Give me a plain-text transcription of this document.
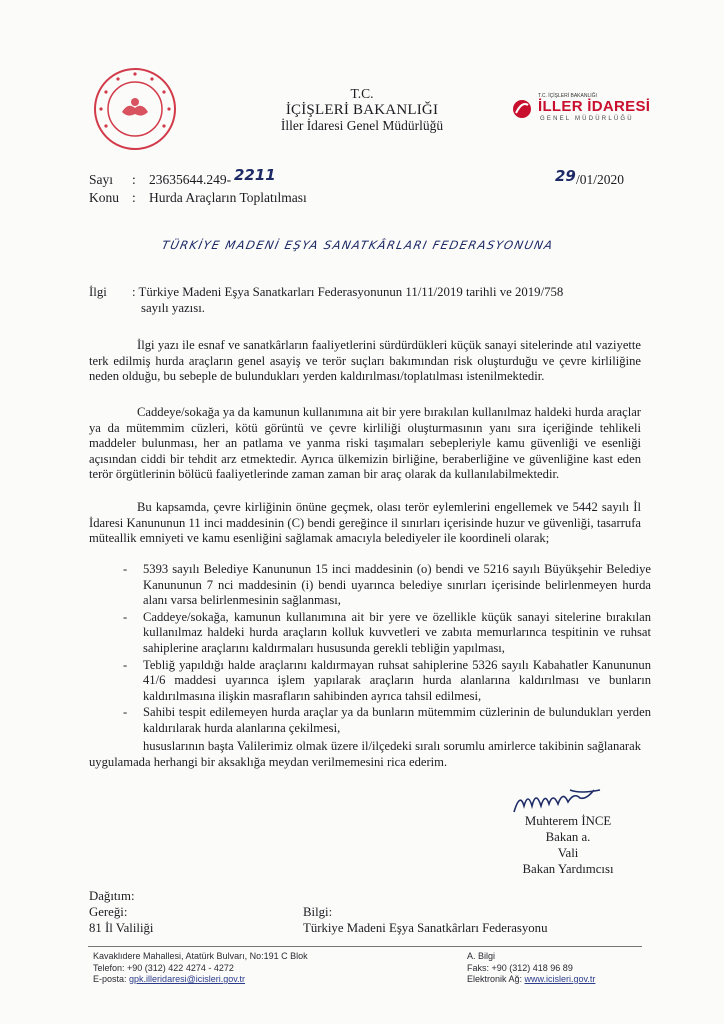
T.C.
İÇİŞLERİ BAKANLIĞI
İller İdaresi Genel Müdürlüğü
T.C. İÇİŞLERİ BAKANLIĞI
İLLER İDARESİ
GENEL MÜDÜRLÜĞÜ
Sayı : 23635644.249- 2211	29 /01/2020
Konu : Hurda Araçların Toplatılması
TÜRKİYE MADENİ EŞYA SANATKÂRLARI FEDERASYONUNA
İlgi : Türkiye Madeni Eşya Sanatkarları Federasyonunun 11/11/2019 tarihli ve 2019/758
sayılı yazısı.
İlgi yazı ile esnaf ve sanatkârların faaliyetlerini sürdürdükleri küçük sanayi sitelerinde atıl vaziyette terk edilmiş hurda araçların genel asayiş ve terör suçları bakımından risk oluşturduğu ve çevre kirliliğine neden olduğu, bu sebeple de bulundukları yerden kaldırılması/toplatılması istenilmektedir.
Caddeye/sokağa ya da kamunun kullanımına ait bir yere bırakılan kullanılmaz haldeki hurda araçlar ya da mütemmim cüzleri, kötü görüntü ve çevre kirliliği oluşturmasının yanı sıra içeriğinde tehlikeli maddeler bulunması, her an patlama ve yanma riski taşımaları sebepleriyle kamu güvenliği ve esenliği açısından ciddi bir tehdit arz etmektedir. Ayrıca ülkemizin birliğine, beraberliğine ve güvenliğine kast eden terör örgütlerinin bölücü faaliyetlerinde zaman zaman bir araç olarak da kullanılabilmektedir.
Bu kapsamda, çevre kirliğinin önüne geçmek, olası terör eylemlerini engellemek ve 5442 sayılı İl İdaresi Kanununun 11 inci maddesinin (C) bendi gereğince il sınırları içerisinde huzur ve güvenliği, tasarrufa müteallik emniyeti ve kamu esenliğini sağlamak amacıyla belediyeler ile koordineli olarak;
-	5393 sayılı Belediye Kanununun 15 inci maddesinin (o) bendi ve 5216 sayılı Büyükşehir Belediye Kanununun 7 nci maddesinin (i) bendi uyarınca belediye sınırları içerisinde belirlenmeyen hurda alanı varsa belirlenmesinin sağlanması,
-	Caddeye/sokağa, kamunun kullanımına ait bir yere ve özellikle küçük sanayi sitelerine bırakılan kullanılmaz haldeki hurda araçların kolluk kuvvetleri ve zabıta memurlarınca tespitinin ve ruhsat sahiplerine araçlarını kaldırmaları hususunda gerekli tebliğin yapılması,
-	Tebliğ yapıldığı halde araçlarını kaldırmayan ruhsat sahiplerine 5326 sayılı Kabahatler Kanununun 41/6 maddesi uyarınca işlem yapılarak araçların hurda alanlarına kaldırılması ve bunların kaldırılmasına ilişkin masrafların sahibinden ayrıca tahsil edilmesi,
-	Sahibi tespit edilemeyen hurda araçlar ya da bunların mütemmim cüzlerinin de bulundukları yerden kaldırılarak hurda alanlarına çekilmesi,
hususlarının başta Valilerimiz olmak üzere il/ilçedeki sıralı sorumlu amirlerce takibinin sağlanarak uygulamada herhangi bir aksaklığa meydan verilmemesini rica ederim.
Muhterem İNCE
Bakan a.
Vali
Bakan Yardımcısı
Dağıtım:
Gereği:
81 İl Valiliği
Bilgi:
Türkiye Madeni Eşya Sanatkârları Federasyonu
Kavaklıdere Mahallesi, Atatürk Bulvarı, No:191 C Blok
Telefon: +90 (312) 422 4274 - 4272
E-posta: gpk.illeridaresi@icisleri.gov.tr
A. Bilgi
Faks: +90 (312) 418 96 89
Elektronik Ağ: www.icisleri.gov.tr
